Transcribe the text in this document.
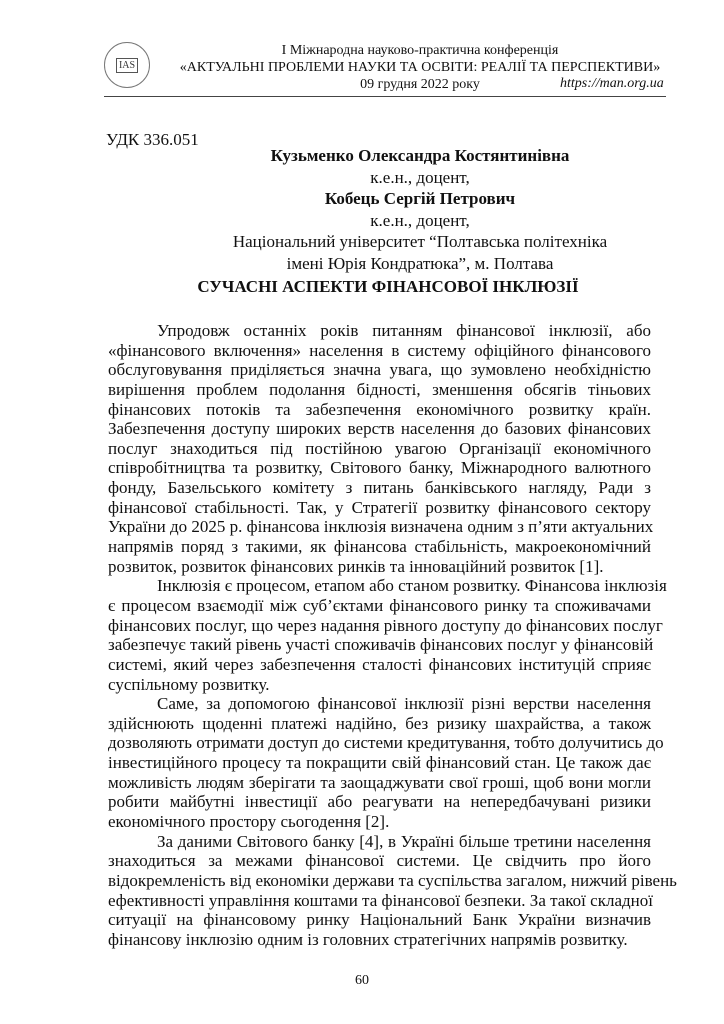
IAS
І Міжнародна науково-практична конференція
«АКТУАЛЬНІ ПРОБЛЕМИ НАУКИ ТА ОСВІТИ: РЕАЛІЇ ТА ПЕРСПЕКТИВИ»
09 грудня 2022 року	https://man.org.ua
УДК 336.051
Кузьменко Олександра Костянтинівна
к.е.н., доцент,
Кобець Сергій Петрович
к.е.н., доцент,
Національний університет “Полтавська політехніка
імені Юрія Кондратюка”, м. Полтава
СУЧАСНІ АСПЕКТИ ФІНАНСОВОЇ ІНКЛЮЗІЇ
Упродовж останніх років питанням фінансової інклюзії, або
«фінансового включення» населення в систему офіційного фінансового
обслуговування приділяється значна увага, що зумовлено необхідністю
вирішення проблем подолання бідності, зменшення обсягів тіньових
фінансових потоків та забезпечення економічного розвитку країн.
Забезпечення доступу широких верств населення до базових фінансових
послуг знаходиться під постійною увагою Організації економічного
співробітництва та розвитку, Світового банку, Міжнародного валютного
фонду, Базельського комітету з питань банківського нагляду, Ради з
фінансової стабільності. Так, у Стратегії розвитку фінансового сектору
України до 2025 р. фінансова інклюзія визначена одним з п’яти актуальних
напрямів поряд з такими, як фінансова стабільність, макроекономічний
розвиток, розвиток фінансових ринків та інноваційний розвиток [1].
Інклюзія є процесом, етапом або станом розвитку. Фінансова інклюзія
є процесом взаємодії між суб’єктами фінансового ринку та споживачами
фінансових послуг, що через надання рівного доступу до фінансових послуг
забезпечує такий рівень участі споживачів фінансових послуг у фінансовій
системі, який через забезпечення сталості фінансових інституцій сприяє
суспільному розвитку.
Саме, за допомогою фінансової інклюзії різні верстви населення
здійснюють щоденні платежі надійно, без ризику шахрайства, а також
дозволяють отримати доступ до системи кредитування, тобто долучитись до
інвестиційного процесу та покращити свій фінансовий стан. Це також дає
можливість людям зберігати та заощаджувати свої гроші, щоб вони могли
робити майбутні інвестиції або реагувати на непередбачувані ризики
економічного простору сьогодення [2].
За даними Світового банку [4], в Україні більше третини населення
знаходиться за межами фінансової системи. Це свідчить про його
відокремленість від економіки держави та суспільства загалом, нижчий рівень
ефективності управління коштами та фінансової безпеки. За такої складної
ситуації на фінансовому ринку Національний Банк України визначив
фінансову інклюзію одним із головних стратегічних напрямів розвитку.
60
